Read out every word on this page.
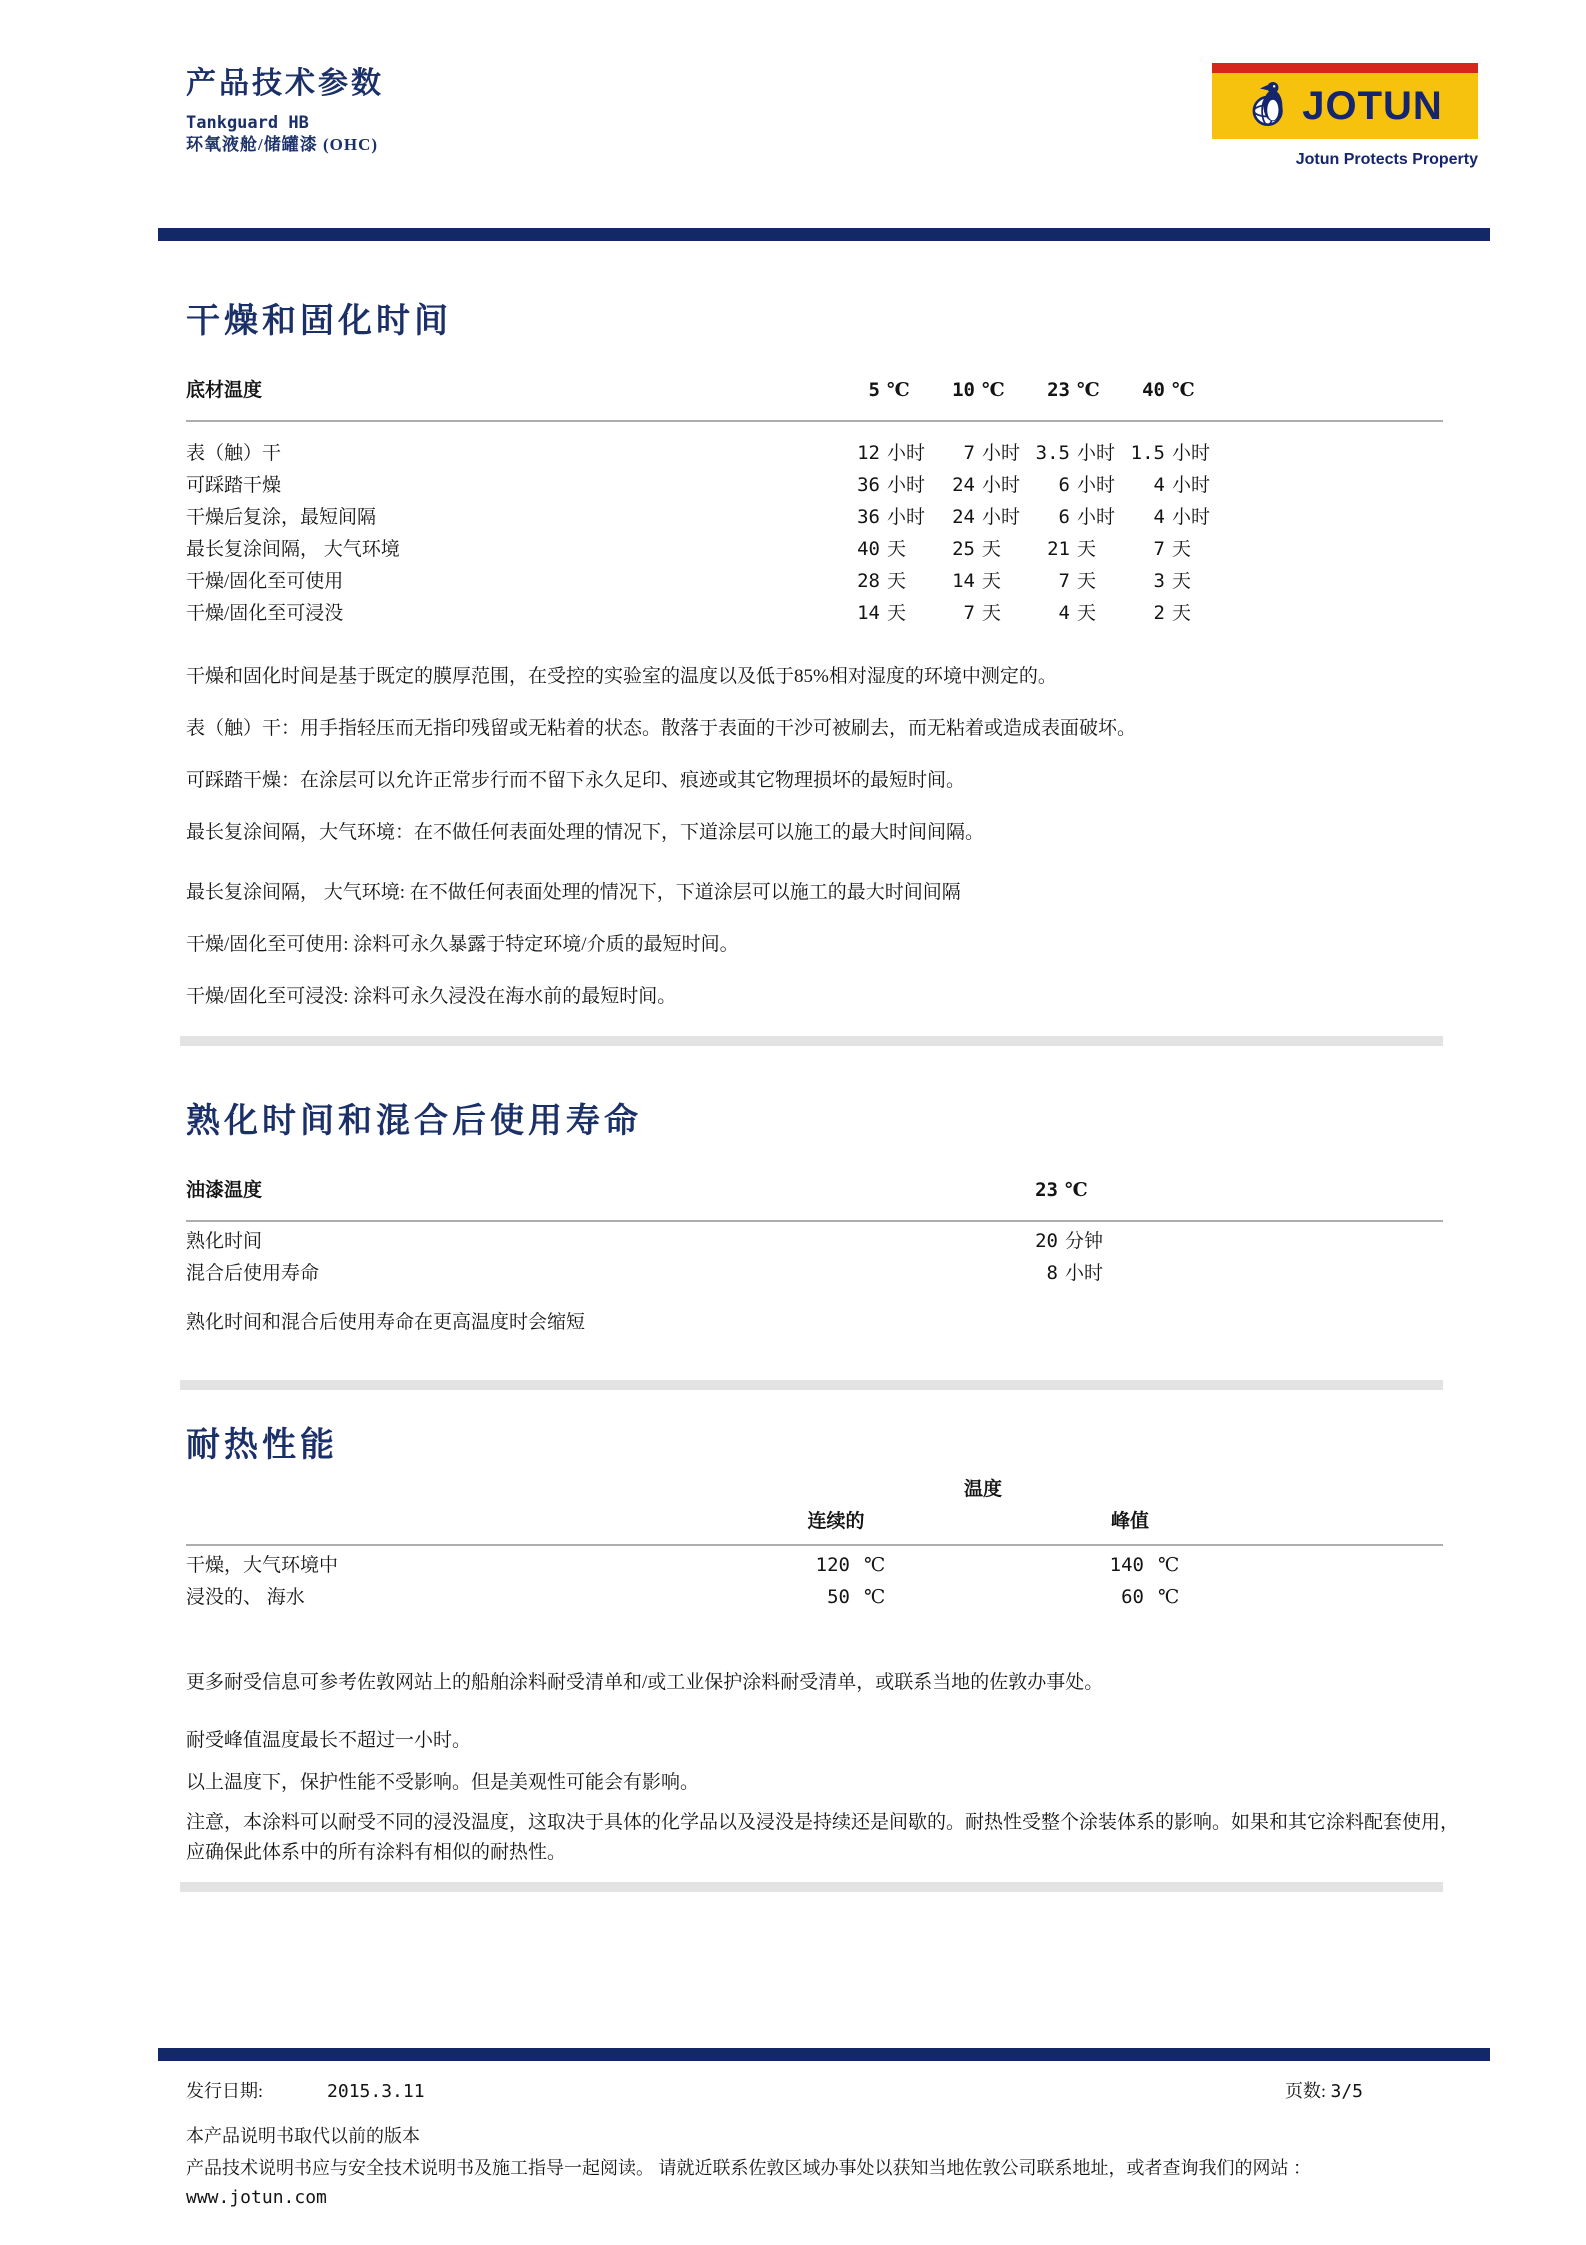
产品技术参数
Tankguard HB
环氧液舱/储罐漆 (OHC)
JOTUN
Jotun Protects Property
干燥和固化时间
底材温度	5 ℃	10 ℃	23 ℃	40 ℃
表（触）干	12 小时	7 小时 3.5 小时 1.5 小时
可踩踏干燥	36 小时	24 小时	6 小时	4 小时
干燥后复涂，最短间隔	36 小时	24 小时	6 小时	4 小时
最长复涂间隔， 大气环境	40 天	25 天	21 天	7 天
干燥/固化至可使用	28 天	14 天	7 天	3 天
干燥/固化至可浸没	14 天	7 天	4 天	2 天

干燥和固化时间是基于既定的膜厚范围，在受控的实验室的温度以及低于85%相对湿度的环境中测定的。

表（触）干：用手指轻压而无指印残留或无粘着的状态。散落于表面的干沙可被刷去，而无粘着或造成表面破坏。

可踩踏干燥：在涂层可以允许正常步行而不留下永久足印、痕迹或其它物理损坏的最短时间。

最长复涂间隔，大气环境：在不做任何表面处理的情况下，下道涂层可以施工的最大时间间隔。

最长复涂间隔， 大气环境: 在不做任何表面处理的情况下，下道涂层可以施工的最大时间间隔

干燥/固化至可使用: 涂料可永久暴露于特定环境/介质的最短时间。

干燥/固化至可浸没: 涂料可永久浸没在海水前的最短时间。

熟化时间和混合后使用寿命
油漆温度	23 ℃
熟化时间	20 分钟
混合后使用寿命	8 小时

熟化时间和混合后使用寿命在更高温度时会缩短

耐热性能
温度
连续的	峰值
干燥，大气环境中	120 ℃	140 ℃
浸没的、 海水	50 ℃	60 ℃

更多耐受信息可参考佐敦网站上的船舶涂料耐受清单和/或工业保护涂料耐受清单，或联系当地的佐敦办事处。

耐受峰值温度最长不超过一小时。

以上温度下，保护性能不受影响。但是美观性可能会有影响。

注意，本涂料可以耐受不同的浸没温度，这取决于具体的化学品以及浸没是持续还是间歇的。耐热性受整个涂装体系的影响。如果和其它涂料配套使用，应确保此体系中的所有涂料有相似的耐热性。

发行日期:	2015.3.11	页数: 3/5
本产品说明书取代以前的版本
产品技术说明书应与安全技术说明书及施工指导一起阅读。 请就近联系佐敦区域办事处以获知当地佐敦公司联系地址，或者查询我们的网站 ：
www.jotun.com
